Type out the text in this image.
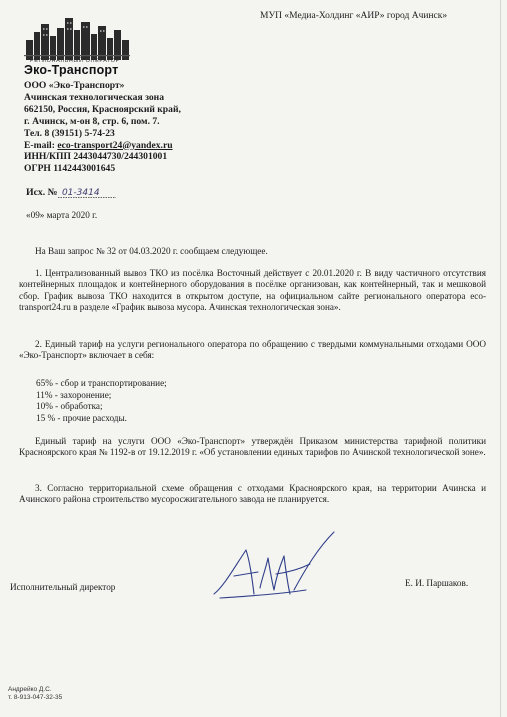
РЕГИОНАЛЬНЫЙ ОПЕРАТОР
Эко-Транспорт
МУП «Медиа-Холдинг «АИР» город Ачинск»
ООО «Эко-Транспорт»
Ачинская технологическая зона
662150, Россия, Красноярский край,
г. Ачинск, м-он 8, стр. 6, пом. 7.
Тел. 8 (39151) 5-74-23
E-mail: eco-transport24@yandex.ru
ИНН/КПП 2443044730/244301001
ОГРН 1142443001645
Исх. № 01-3414
«09» марта 2020 г.
На Ваш запрос № 32 от 04.03.2020 г. сообщаем следующее.
1. Централизованный вывоз ТКО из посёлка Восточный действует с 20.01.2020 г. В виду частичного отсутствия контейнерных площадок и контейнерного оборудования в посёлке организован, как контейнерный, так и мешковой сбор. График вывоза ТКО находится в открытом доступе, на официальном сайте регионального оператора eco-transport24.ru в разделе «График вывоза мусора. Ачинская технологическая зона».
2. Единый тариф на услуги регионального оператора по обращению с твердыми коммунальными отходами ООО «Эко-Транспорт» включает в себя:
65% - сбор и транспортирование;
11% - захоронение;
10% - обработка;
15 % - прочие расходы.
Единый тариф на услуги ООО «Эко-Транспорт» утверждён Приказом министерства тарифной политики Красноярского края № 1192-в от 19.12.2019 г. «Об установлении единых тарифов по Ачинской технологической зоне».
3. Согласно территориальной схеме обращения с отходами Красноярского края, на территории Ачинска и Ачинского района строительство мусоросжигательного завода не планируется.
Исполнительный директор	Е. И. Паршаков.
Андрейко Д.С.
т. 8-913-047-32-35
